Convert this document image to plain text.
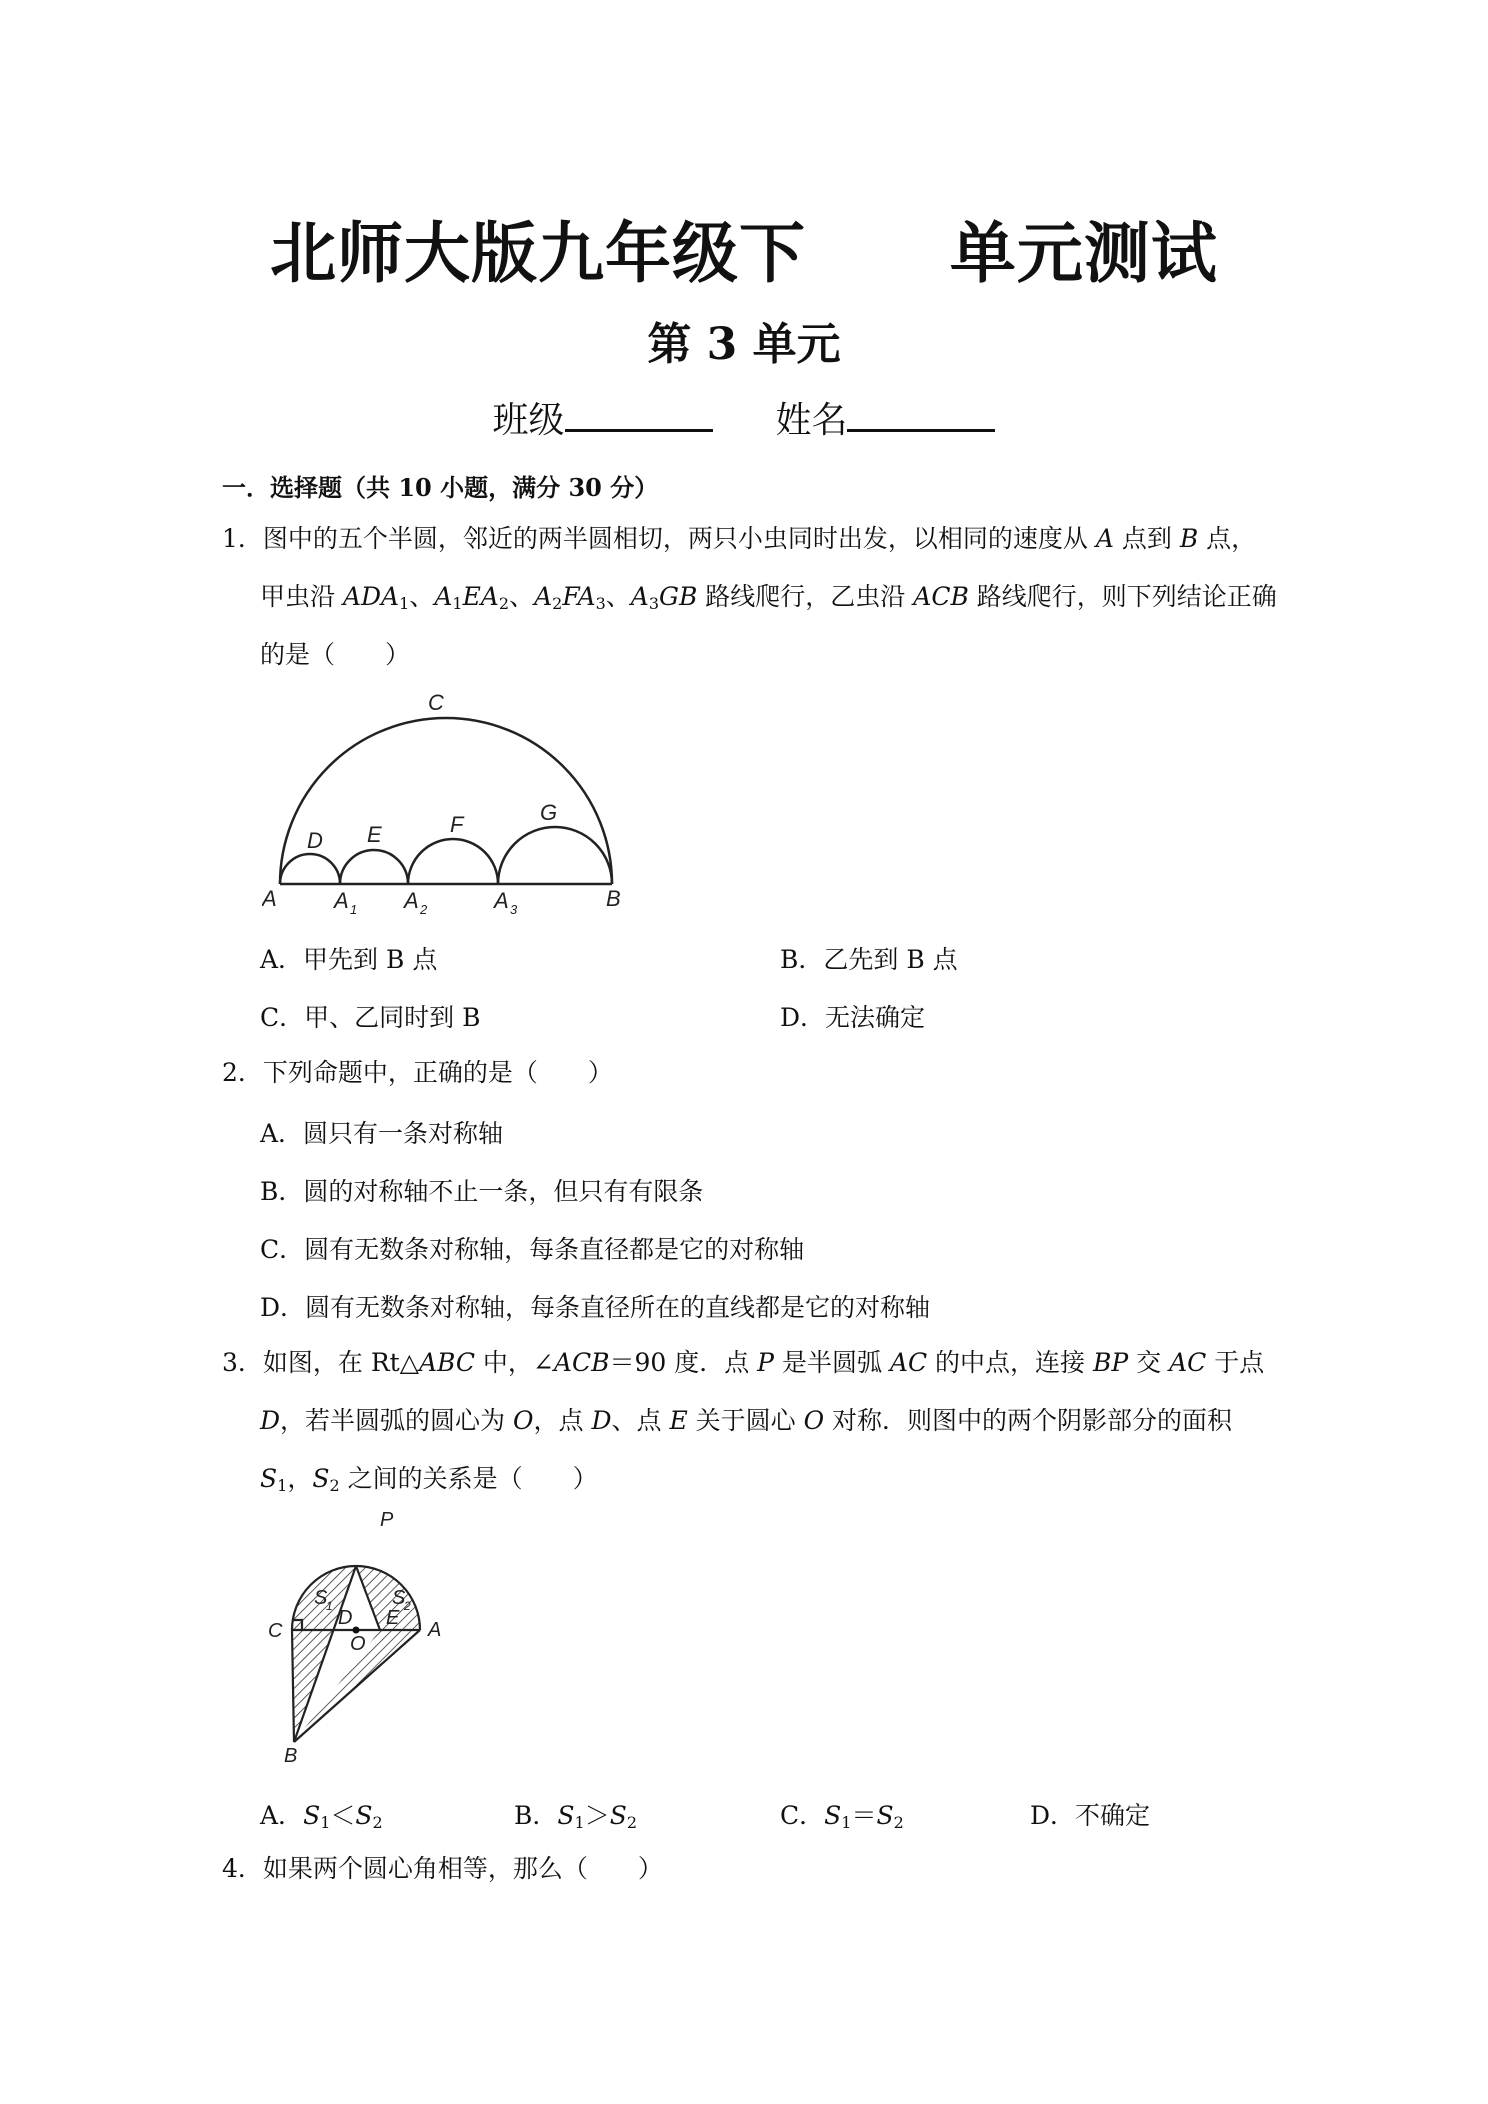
北师大版九年级下      单元测试
第 3 单元
班级	姓名
一．选择题（共 10 小题，满分 30 分）
1．图中的五个半圆，邻近的两半圆相切，两只小虫同时出发，以相同的速度从 A 点到 B 点，
甲虫沿 $ADA_1$、$A_1EA_2$、$A_2FA_3$、$A_3GB$ 路线爬行，乙虫沿 ACB 路线爬行，则下列结论正确
的是（　　）
C
D E	F	G
A	A 1 A 2	A 3	B
A．甲先到 B 点	B．乙先到 B 点
C．甲、乙同时到 B	D．无法确定
2．下列命题中，正确的是（　　）
A．圆只有一条对称轴
B．圆的对称轴不止一条，但只有有限条
C．圆有无数条对称轴，每条直径都是它的对称轴
D．圆有无数条对称轴，每条直径所在的直线都是它的对称轴
3．如图，在 Rt△ABC 中，∠ACB＝90 度．点 P 是半圆弧 AC 的中点，连接 BP 交 AC 于点
D，若半圆弧的圆心为 O，点 D、点 E 关于圆心 O 对称．则图中的两个阴影部分的面积
$S_1$，$S_2$ 之间的关系是（　　）
P
C
D E
O
A
B
S
1	S
2
A．$S_1<S_2$	B．$S_1>S_2$	C．$S_1=S_2$	D．不确定
4．如果两个圆心角相等，那么（　　）
